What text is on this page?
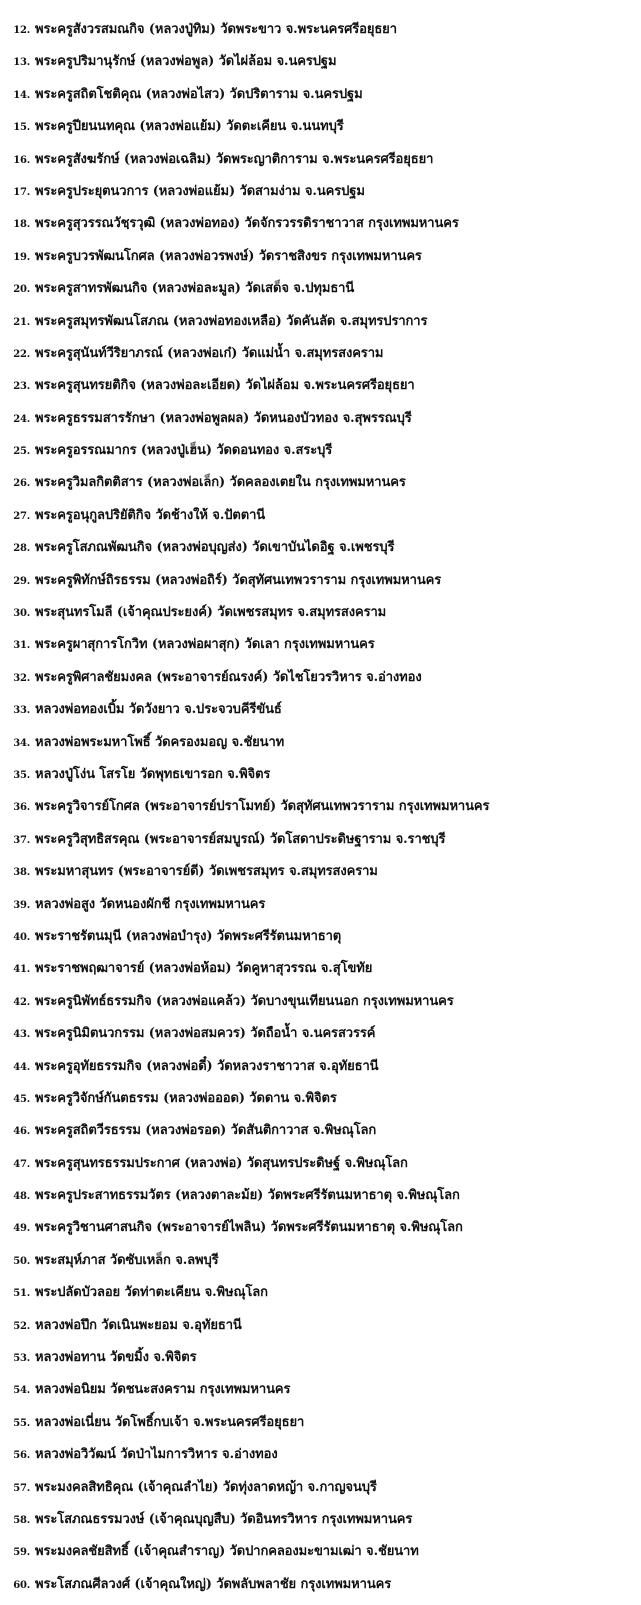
12. พระครูสังวรสมณกิจ (หลวงปู่ทิม) วัดพระขาว จ.พระนครศรีอยุธยา
13. พระครูปริมานุรักษ์ (หลวงพ่อพูล) วัดไผ่ล้อม จ.นครปฐม
14. พระครูสถิตโชติคุณ (หลวงพ่อไสว) วัดปริตาราม จ.นครปฐม
15. พระครูปียนนทคุณ (หลวงพ่อแย้ม) วัดตะเคียน จ.นนทบุรี
16. พระครูสังฆรักษ์ (หลวงพ่อเฉลิม) วัดพระญาติการาม จ.พระนครศรีอยุธยา
17. พระครูประยุตนวการ (หลวงพ่อแย้ม) วัดสามง่าม จ.นครปฐม
18. พระครูสุวรรณวัชฺรวุฒิ (หลวงพ่อทอง) วัดจักรวรรดิราชาวาส กรุงเทพมหานคร
19. พระครูบวรพัฒนโกศล (หลวงพ่อวรพงษ์) วัดราชสิงขร กรุงเทพมหานคร
20. พระครูสาทรพัฒนกิจ (หลวงพ่อละมูล) วัดเสด็จ จ.ปทุมธานี
21. พระครูสมุทรพัฒนโสภณ (หลวงพ่อทองเหลือ) วัดคันลัด จ.สมุทรปราการ
22. พระครูสุนันท์วีริยาภรณ์ (หลวงพ่อเก๋) วัดแม่น้ำ จ.สมุทรสงคราม
23. พระครูสุนทรยติกิจ (หลวงพ่อละเอียด) วัดไผ่ล้อม จ.พระนครศรีอยุธยา
24. พระครูธรรมสารรักษา (หลวงพ่อพูลผล) วัดหนองบัวทอง จ.สุพรรณบุรี
25. พระครูอรรณมากร (หลวงปู่เฮ็น) วัดดอนทอง จ.สระบุรี
26. พระครูวิมลกิตติสาร (หลวงพ่อเล็ก) วัดคลองเตยใน กรุงเทพมหานคร
27. พระครูอนุกูลปริยัติกิจ วัดช้างให้ จ.ปัตตานี
28. พระครูโสภณพัฒนกิจ (หลวงพ่อบุญส่ง) วัดเขาบันไดอิฐ จ.เพชรบุรี
29. พระครูพิทักษ์ถิรธรรม (หลวงพ่อถิร์) วัดสุทัศนเทพวราราม กรุงเทพมหานคร
30. พระสุนทรโมลี (เจ้าคุณประยงค์) วัดเพชรสมุทร จ.สมุทรสงคราม
31. พระครูผาสุการโกวิท (หลวงพ่อผาสุก) วัดเลา กรุงเทพมหานคร
32. พระครูพิศาลชัยมงคล (พระอาจารย์ณรงค์) วัดไชโยวรวิหาร จ.อ่างทอง
33. หลวงพ่อทองเบิ้ม วัดวังยาว จ.ประจวบคีรีขันธ์
34. หลวงพ่อพระมหาโพธิ์ วัดครองมอญ จ.ชัยนาท
35. หลวงปู่โง่น โสรโย วัดพุทธเขารอก จ.พิจิตร
36. พระครูวิจารย์โกศล (พระอาจารย์ปราโมทย์) วัดสุทัศนเทพวราราม กรุงเทพมหานคร
37. พระครูวิสุทธิสรคุณ (พระอาจารย์สมบูรณ์) วัดโสดาประดิษฐาราม จ.ราชบุรี
38. พระมหาสุนทร (พระอาจารย์ดี) วัดเพชรสมุทร จ.สมุทรสงคราม
39. หลวงพ่อสูง วัดหนองผักชี กรุงเทพมหานคร
40. พระราชรัตนมุนี (หลวงพ่อบำรุง) วัดพระศรีรัตนมหาธาตุ
41. พระราชพฤฒาจารย์ (หลวงพ่อห้อม) วัดคูหาสุวรรณ จ.สุโขทัย
42. พระครูนิพัทธ์ธรรมกิจ (หลวงพ่อแคล้ว) วัดบางขุนเทียนนอก กรุงเทพมหานคร
43. พระครูนิมิตนวกรรม (หลวงพ่อสมควร) วัดถือน้ำ จ.นครสวรรค์
44. พระครูอุทัยธรรมกิจ (หลวงพ่อดี๋) วัดหลวงราชาวาส จ.อุทัยธานี
45. พระครูวิจักษ์กันตธรรม (หลวงพ่อออด) วัดดาน จ.พิจิตร
46. พระครูสถิตวีรธรรม (หลวงพ่อรอด) วัดสันติกาวาส จ.พิษณุโลก
47. พระครูสุนทรธรรมประกาศ (หลวงพ่อ) วัดสุนทรประดิษฐ์ จ.พิษณุโลก
48. พระครูประสาทธรรมวัตร (หลวงตาละม้ย) วัดพระศรีรัตนมหาธาตุ จ.พิษณุโลก
49. พระครูวิชานศาสนกิจ (พระอาจารย์ไพลิน) วัดพระศรีรัตนมหาธาตุ จ.พิษณุโลก
50. พระสมุห์ภาส วัดซับเหล็ก จ.ลพบุรี
51. พระปลัดบัวลอย วัดท่าตะเคียน จ.พิษณุโลก
52. หลวงพ่อปึก วัดเนินพะยอม จ.อุทัยธานี
53. หลวงพ่อทาน วัดขมิ้ง จ.พิจิตร
54. หลวงพ่อนิยม วัดชนะสงคราม กรุงเทพมหานคร
55. หลวงพ่อเนี่ยน วัดโพธิ์กบเจ้า จ.พระนครศรีอยุธยา
56. หลวงพ่อวิวัฒน์ วัดป่าไมการวิหาร จ.อ่างทอง
57. พระมงคลสิทธิคุณ (เจ้าคุณลำไย) วัดทุ่งลาดหญ้า จ.กาญจนบุรี
58. พระโสภณธรรมวงษ์ (เจ้าคุณบุญสืบ) วัดอินทรวิหาร กรุงเทพมหานคร
59. พระมงคลชัยสิทธิ์ (เจ้าคุณสำราญ) วัดปากคลองมะขามเฒ่า จ.ชัยนาท
60. พระโสภณศีลวงศ์ (เจ้าคุณใหญ่) วัดพลับพลาชัย กรุงเทพมหานคร
